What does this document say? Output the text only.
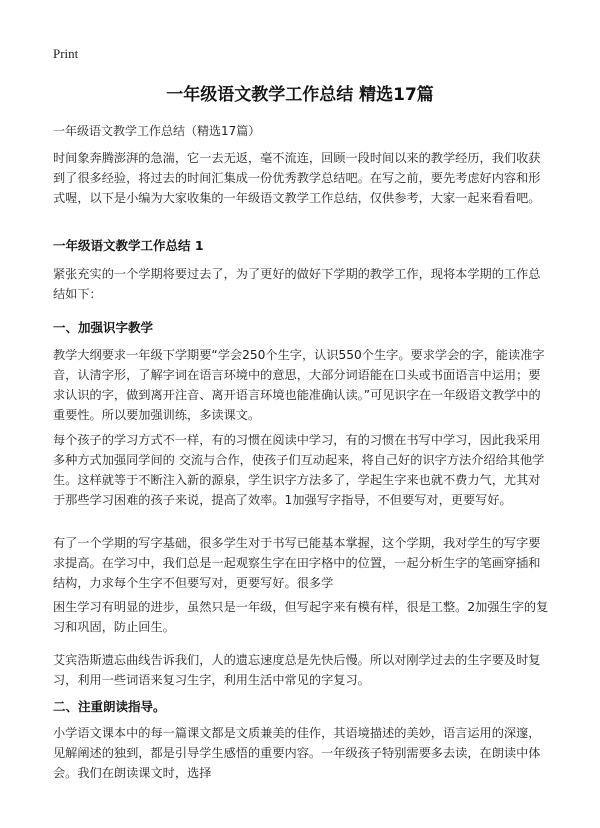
Print
一年级语文教学工作总结 精选17篇
一年级语文教学工作总结（精选17篇）

时间象奔腾澎湃的急湍，它一去无返，毫不流连，回顾一段时间以来的教学经历，我们收获到了很多经验，将过去的时间汇集成一份优秀教学总结吧。在写之前，要先考虑好内容和形式喔，以下是小编为大家收集的一年级语文教学工作总结，仅供参考，大家一起来看看吧。

一年级语文教学工作总结 1

紧张充实的一个学期将要过去了，为了更好的做好下学期的教学工作，现将本学期的工作总结如下：

一、加强识字教学

教学大纲要求一年级下学期要“学会250个生字，认识550个生字。要求学会的字，能读准字音，认清字形，了解字词在语言环境中的意思，大部分词语能在口头或书面语言中运用；要求认识的字，做到离开注音、离开语言环境也能准确认读。”可见识字在一年级语文教学中的重要性。所以要加强训练，多读课文。

每个孩子的学习方式不一样，有的习惯在阅读中学习，有的习惯在书写中学习，因此我采用多种方式加强同学间的 交流与合作，使孩子们互动起来，将自己好的识字方法介绍给其他学生。这样就等于不断注入新的源泉，学生识字方法多了，学起生字来也就不费力气，尤其对于那些学习困难的孩子来说，提高了效率。1加强写字指导，不但要写对，更要写好。

有了一个学期的写字基础，很多学生对于书写已能基本掌握，这个学期，我对学生的写字要求提高。在学习中，我们总是一起观察生字在田字格中的位置，一起分析生字的笔画穿插和结构，力求每个生字不但要写对，更要写好。很多学

困生学习有明显的进步，虽然只是一年级，但写起字来有模有样，很是工整。2加强生字的复习和巩固，防止回生。

艾宾浩斯遗忘曲线告诉我们，人的遗忘速度总是先快后慢。所以对刚学过去的生字要及时复习，利用一些词语来复习生字，利用生活中常见的字复习。

二、注重朗读指导。

小学语文课本中的每一篇课文都是文质兼美的佳作，其语境描述的美妙，语言运用的深邃，见解阐述的独到，都是引导学生感悟的重要内容。一年级孩子特别需要多去读，在朗读中体会。我们在朗读课文时，选择
